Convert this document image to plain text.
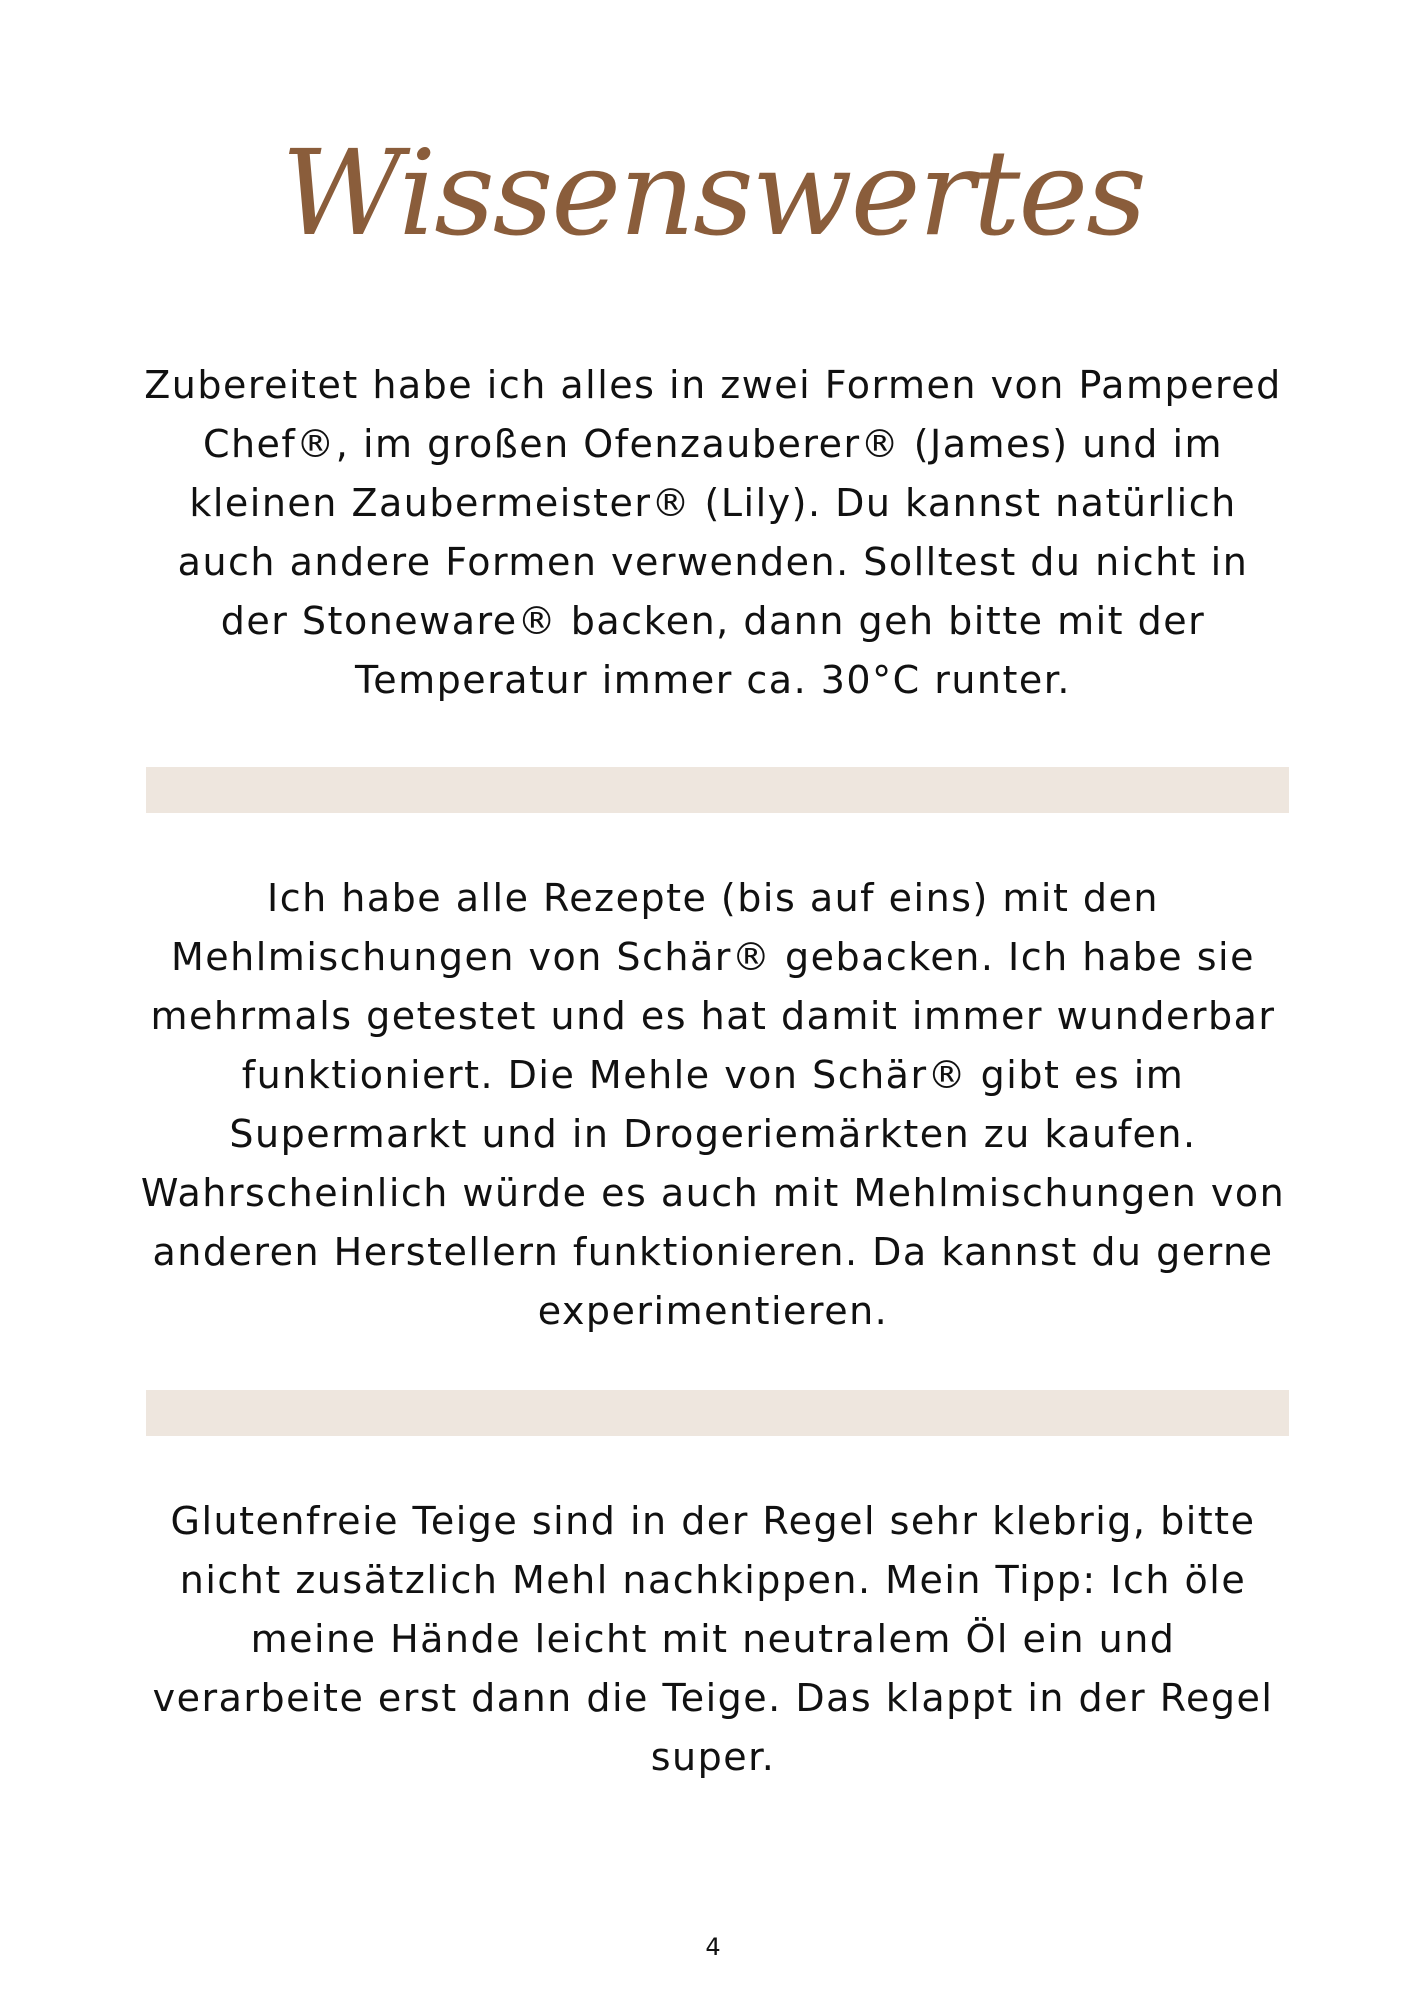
Wissenswertes

Zubereitet habe ich alles in zwei Formen von Pampered Chef®, im großen Ofenzauberer® (James) und im kleinen Zaubermeister® (Lily). Du kannst natürlich auch andere Formen verwenden. Solltest du nicht in der Stoneware® backen, dann geh bitte mit der Temperatur immer ca. 30°C runter.

Ich habe alle Rezepte (bis auf eins) mit den Mehlmischungen von Schär® gebacken. Ich habe sie mehrmals getestet und es hat damit immer wunderbar funktioniert. Die Mehle von Schär® gibt es im Supermarkt und in Drogeriemärkten zu kaufen. Wahrscheinlich würde es auch mit Mehlmischungen von anderen Herstellern funktionieren. Da kannst du gerne experimentieren.

Glutenfreie Teige sind in der Regel sehr klebrig, bitte nicht zusätzlich Mehl nachkippen. Mein Tipp: Ich öle meine Hände leicht mit neutralem Öl ein und verarbeite erst dann die Teige. Das klappt in der Regel super.

4
